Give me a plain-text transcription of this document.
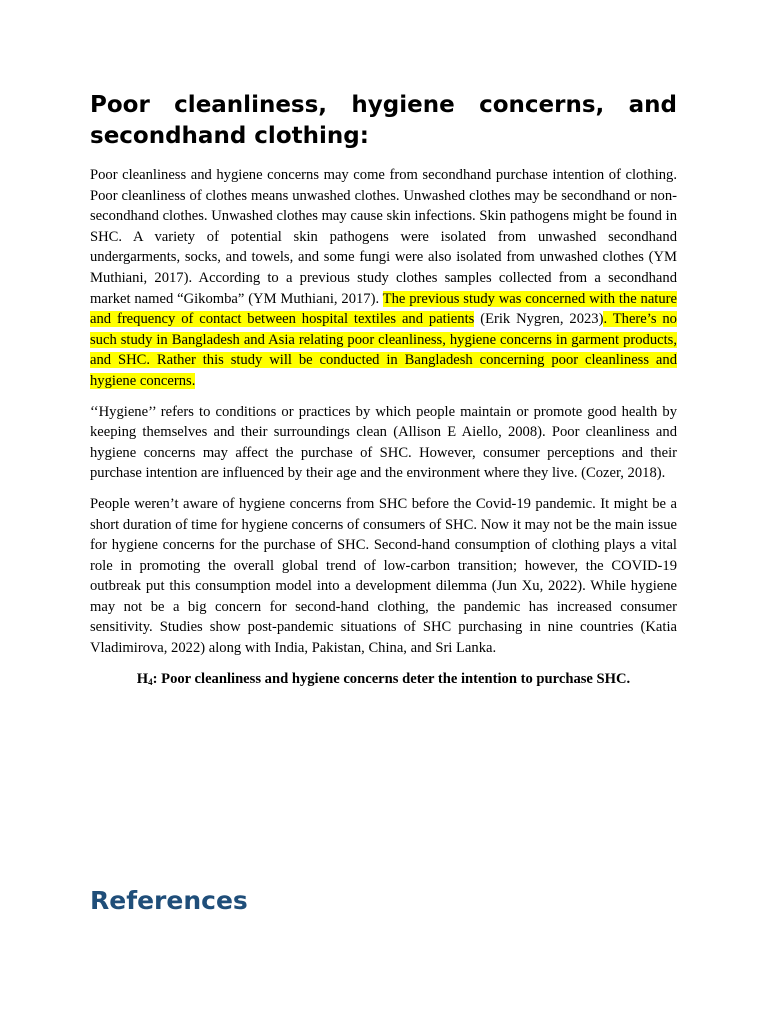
Poor cleanliness, hygiene concerns, and secondhand clothing:

Poor cleanliness and hygiene concerns may come from secondhand purchase intention of clothing. Poor cleanliness of clothes means unwashed clothes. Unwashed clothes may be secondhand or non-secondhand clothes. Unwashed clothes may cause skin infections. Skin pathogens might be found in SHC. A variety of potential skin pathogens were isolated from unwashed secondhand undergarments, socks, and towels, and some fungi were also isolated from unwashed clothes (YM Muthiani, 2017). According to a previous study clothes samples collected from a secondhand market named “Gikomba” (YM Muthiani, 2017). The previous study was concerned with the nature and frequency of contact between hospital textiles and patients (Erik Nygren, 2023). There’s no such study in Bangladesh and Asia relating poor cleanliness, hygiene concerns in garment products, and SHC. Rather this study will be conducted in Bangladesh concerning poor cleanliness and hygiene concerns.

‘‘Hygiene’’ refers to conditions or practices by which people maintain or promote good health by keeping themselves and their surroundings clean (Allison E Aiello, 2008). Poor cleanliness and hygiene concerns may affect the purchase of SHC. However, consumer perceptions and their purchase intention are influenced by their age and the environment where they live. (Cozer, 2018).

People weren’t aware of hygiene concerns from SHC before the Covid-19 pandemic. It might be a short duration of time for hygiene concerns of consumers of SHC. Now it may not be the main issue for hygiene concerns for the purchase of SHC. Second-hand consumption of clothing plays a vital role in promoting the overall global trend of low-carbon transition; however, the COVID-19 outbreak put this consumption model into a development dilemma (Jun Xu, 2022). While hygiene may not be a big concern for second-hand clothing, the pandemic has increased consumer sensitivity. Studies show post-pandemic situations of SHC purchasing in nine countries (Katia Vladimirova, 2022) along with India, Pakistan, China, and Sri Lanka.

$H_4$: Poor cleanliness and hygiene concerns deter the intention to purchase SHC.

References
